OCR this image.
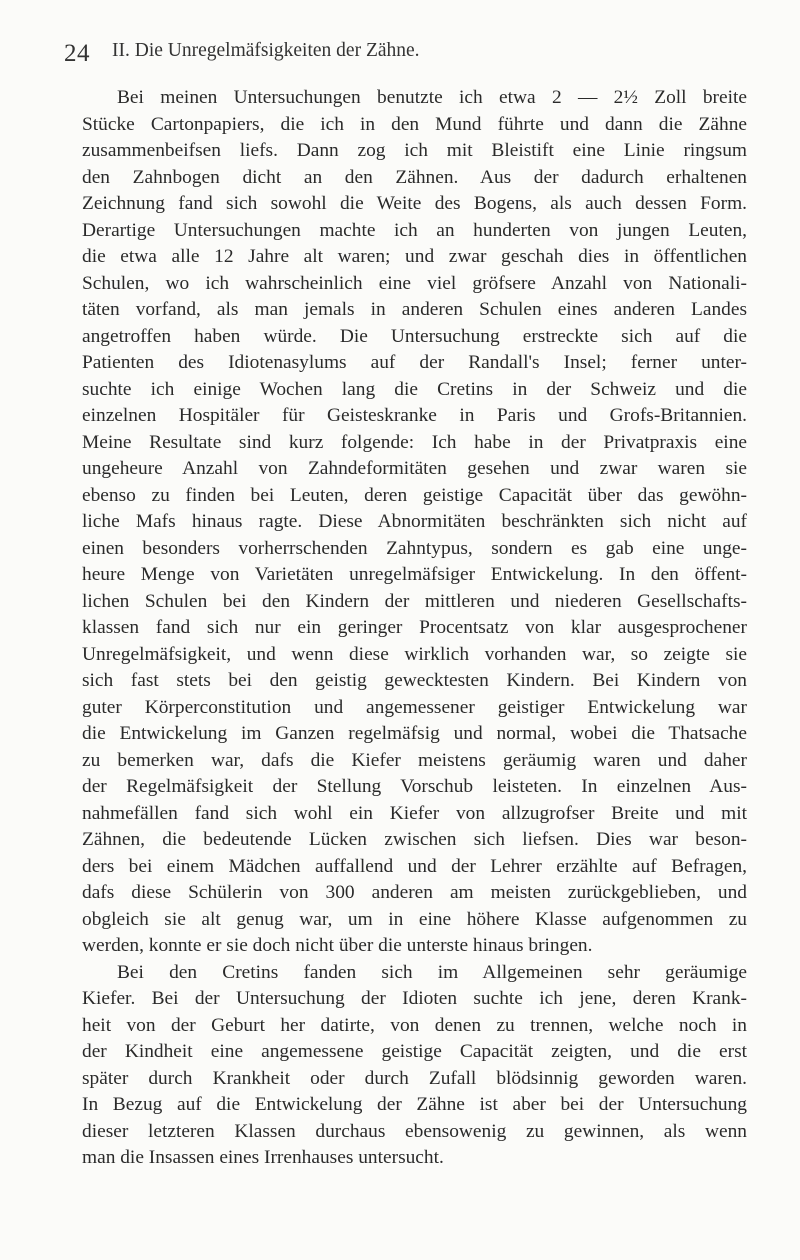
24 II. Die Unregelmäfsigkeiten der Zähne.
Bei meinen Untersuchungen benutzte ich etwa 2 — 2½ Zoll breite
Stücke Cartonpapiers, die ich in den Mund führte und dann die Zähne
zusammenbeifsen liefs. Dann zog ich mit Bleistift eine Linie ringsum
den Zahnbogen dicht an den Zähnen. Aus der dadurch erhaltenen
Zeichnung fand sich sowohl die Weite des Bogens, als auch dessen Form.
Derartige Untersuchungen machte ich an hunderten von jungen Leuten,
die etwa alle 12 Jahre alt waren; und zwar geschah dies in öffentlichen
Schulen, wo ich wahrscheinlich eine viel gröfsere Anzahl von Nationali-
täten vorfand, als man jemals in anderen Schulen eines anderen Landes
angetroffen haben würde. Die Untersuchung erstreckte sich auf die
Patienten des Idiotenasylums auf der Randall's Insel; ferner unter-
suchte ich einige Wochen lang die Cretins in der Schweiz und die
einzelnen Hospitäler für Geisteskranke in Paris und Grofs-Britannien.
Meine Resultate sind kurz folgende: Ich habe in der Privatpraxis eine
ungeheure Anzahl von Zahndeformitäten gesehen und zwar waren sie
ebenso zu finden bei Leuten, deren geistige Capacität über das gewöhn-
liche Mafs hinaus ragte. Diese Abnormitäten beschränkten sich nicht auf
einen besonders vorherrschenden Zahntypus, sondern es gab eine unge-
heure Menge von Varietäten unregelmäfsiger Entwickelung. In den öffent-
lichen Schulen bei den Kindern der mittleren und niederen Gesellschafts-
klassen fand sich nur ein geringer Procentsatz von klar ausgesprochener
Unregelmäfsigkeit, und wenn diese wirklich vorhanden war, so zeigte sie
sich fast stets bei den geistig gewecktesten Kindern. Bei Kindern von
guter Körperconstitution und angemessener geistiger Entwickelung war
die Entwickelung im Ganzen regelmäfsig und normal, wobei die Thatsache
zu bemerken war, dafs die Kiefer meistens geräumig waren und daher
der Regelmäfsigkeit der Stellung Vorschub leisteten. In einzelnen Aus-
nahmefällen fand sich wohl ein Kiefer von allzugrofser Breite und mit
Zähnen, die bedeutende Lücken zwischen sich liefsen. Dies war beson-
ders bei einem Mädchen auffallend und der Lehrer erzählte auf Befragen,
dafs diese Schülerin von 300 anderen am meisten zurückgeblieben, und
obgleich sie alt genug war, um in eine höhere Klasse aufgenommen zu
werden, konnte er sie doch nicht über die unterste hinaus bringen.
Bei den Cretins fanden sich im Allgemeinen sehr geräumige
Kiefer. Bei der Untersuchung der Idioten suchte ich jene, deren Krank-
heit von der Geburt her datirte, von denen zu trennen, welche noch in
der Kindheit eine angemessene geistige Capacität zeigten, und die erst
später durch Krankheit oder durch Zufall blödsinnig geworden waren.
In Bezug auf die Entwickelung der Zähne ist aber bei der Untersuchung
dieser letzteren Klassen durchaus ebensowenig zu gewinnen, als wenn
man die Insassen eines Irrenhauses untersucht.
